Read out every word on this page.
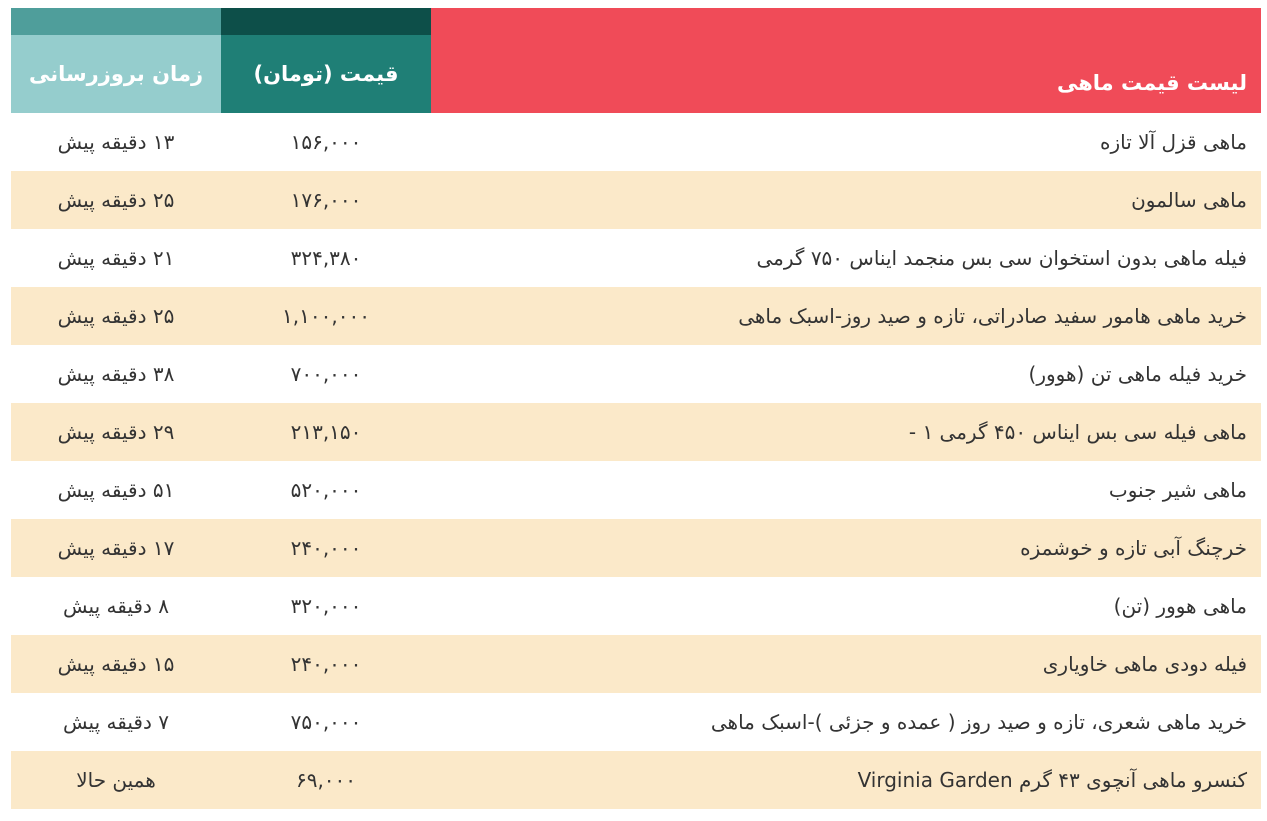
زمان بروزرسانی	قیمت (تومان)	لیست قیمت ماهی
۱۳ دقیقه پیش	۱۵۶,۰۰۰	ماهی قزل آلا تازه
۲۵ دقیقه پیش	۱۷۶,۰۰۰	ماهی سالمون
۲۱ دقیقه پیش	۳۲۴,۳۸۰	فیله ماهی بدون استخوان سی بس منجمد ایناس ۷۵۰ گرمی
۲۵ دقیقه پیش	۱,۱۰۰,۰۰۰	خرید ماهی هامور سفید صادراتی، تازه و صید روز-اسبک ماهی
۳۸ دقیقه پیش	۷۰۰,۰۰۰	خرید فیله ماهی تن (هوور)
۲۹ دقیقه پیش	۲۱۳,۱۵۰	ماهی فیله سی بس ایناس ۴۵۰ گرمی ۱ -
۵۱ دقیقه پیش	۵۲۰,۰۰۰	ماهی شیر جنوب
۱۷ دقیقه پیش	۲۴۰,۰۰۰	خرچنگ آبی تازه و خوشمزه
۸ دقیقه پیش	۳۲۰,۰۰۰	ماهی هوور (تن)
۱۵ دقیقه پیش	۲۴۰,۰۰۰	فیله دودی ماهی خاویاری
۷ دقیقه پیش	۷۵۰,۰۰۰	خرید ماهی شعری، تازه و صید روز ( عمده و جزئی )-اسبک ماهی
همین حالا	۶۹,۰۰۰	کنسرو ماهی آنچوی ۴۳ گرم Virginia Garden
